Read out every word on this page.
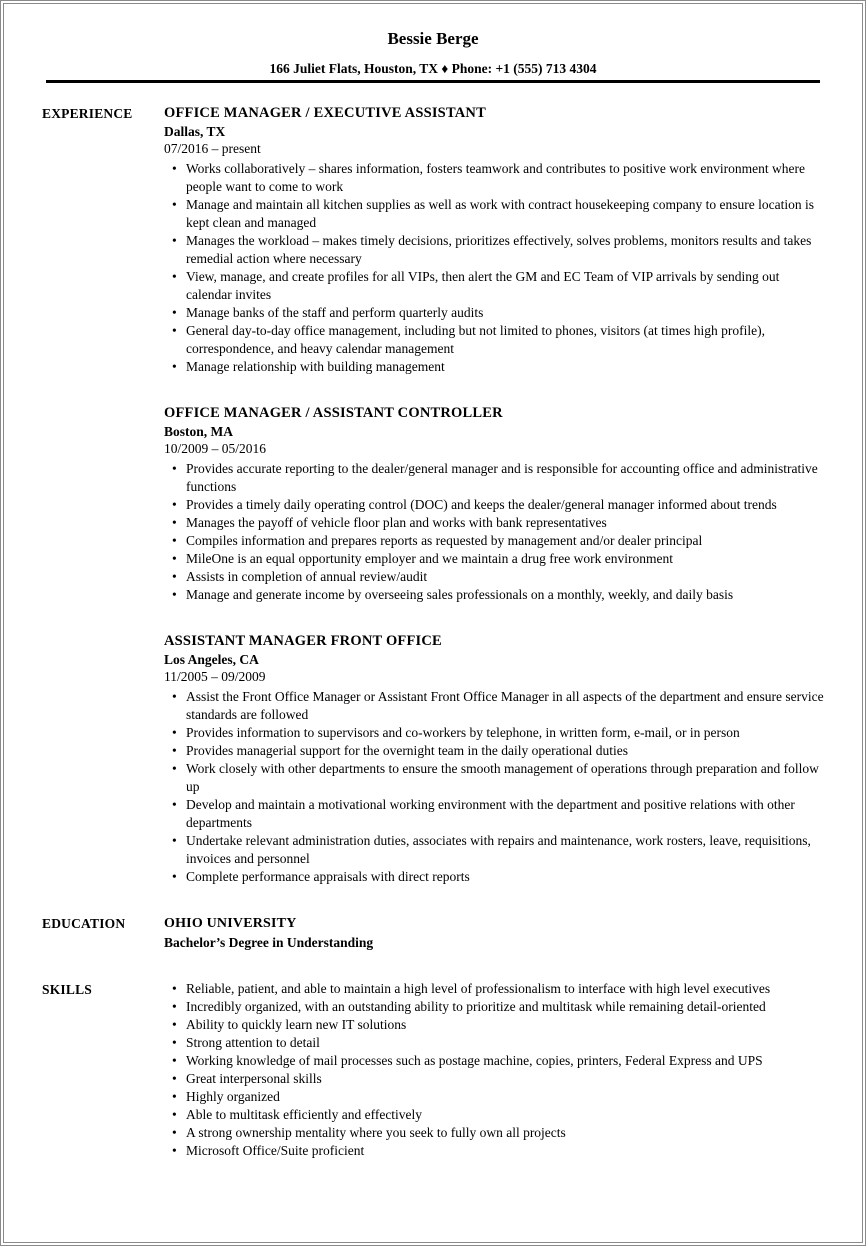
Bessie Berge
166 Juliet Flats, Houston, TX ♦ Phone: +1 (555) 713 4304
EXPERIENCE	OFFICE MANAGER / EXECUTIVE ASSISTANT
Dallas, TX
07/2016 – present
• Works collaboratively – shares information, fosters teamwork and contributes to positive work environment where people want to come to work
• Manage and maintain all kitchen supplies as well as work with contract housekeeping company to ensure location is kept clean and managed
• Manages the workload – makes timely decisions, prioritizes effectively, solves problems, monitors results and takes remedial action where necessary
• View, manage, and create profiles for all VIPs, then alert the GM and EC Team of VIP arrivals by sending out calendar invites
• Manage banks of the staff and perform quarterly audits
• General day-to-day office management, including but not limited to phones, visitors (at times high profile), correspondence, and heavy calendar management
• Manage relationship with building management
OFFICE MANAGER / ASSISTANT CONTROLLER
Boston, MA
10/2009 – 05/2016
• Provides accurate reporting to the dealer/general manager and is responsible for accounting office and administrative functions
• Provides a timely daily operating control (DOC) and keeps the dealer/general manager informed about trends
• Manages the payoff of vehicle floor plan and works with bank representatives
• Compiles information and prepares reports as requested by management and/or dealer principal
• MileOne is an equal opportunity employer and we maintain a drug free work environment
• Assists in completion of annual review/audit
• Manage and generate income by overseeing sales professionals on a monthly, weekly, and daily basis
ASSISTANT MANAGER FRONT OFFICE
Los Angeles, CA
11/2005 – 09/2009
• Assist the Front Office Manager or Assistant Front Office Manager in all aspects of the department and ensure service standards are followed
• Provides information to supervisors and co-workers by telephone, in written form, e-mail, or in person
• Provides managerial support for the overnight team in the daily operational duties
• Work closely with other departments to ensure the smooth management of operations through preparation and follow up
• Develop and maintain a motivational working environment with the department and positive relations with other departments
• Undertake relevant administration duties, associates with repairs and maintenance, work rosters, leave, requisitions, invoices and personnel
• Complete performance appraisals with direct reports
EDUCATION	OHIO UNIVERSITY
Bachelor’s Degree in Understanding
SKILLS	• Reliable, patient, and able to maintain a high level of professionalism to interface with high level executives
• Incredibly organized, with an outstanding ability to prioritize and multitask while remaining detail-oriented
• Ability to quickly learn new IT solutions
• Strong attention to detail
• Working knowledge of mail processes such as postage machine, copies, printers, Federal Express and UPS
• Great interpersonal skills
• Highly organized
• Able to multitask efficiently and effectively
• A strong ownership mentality where you seek to fully own all projects
• Microsoft Office/Suite proficient
